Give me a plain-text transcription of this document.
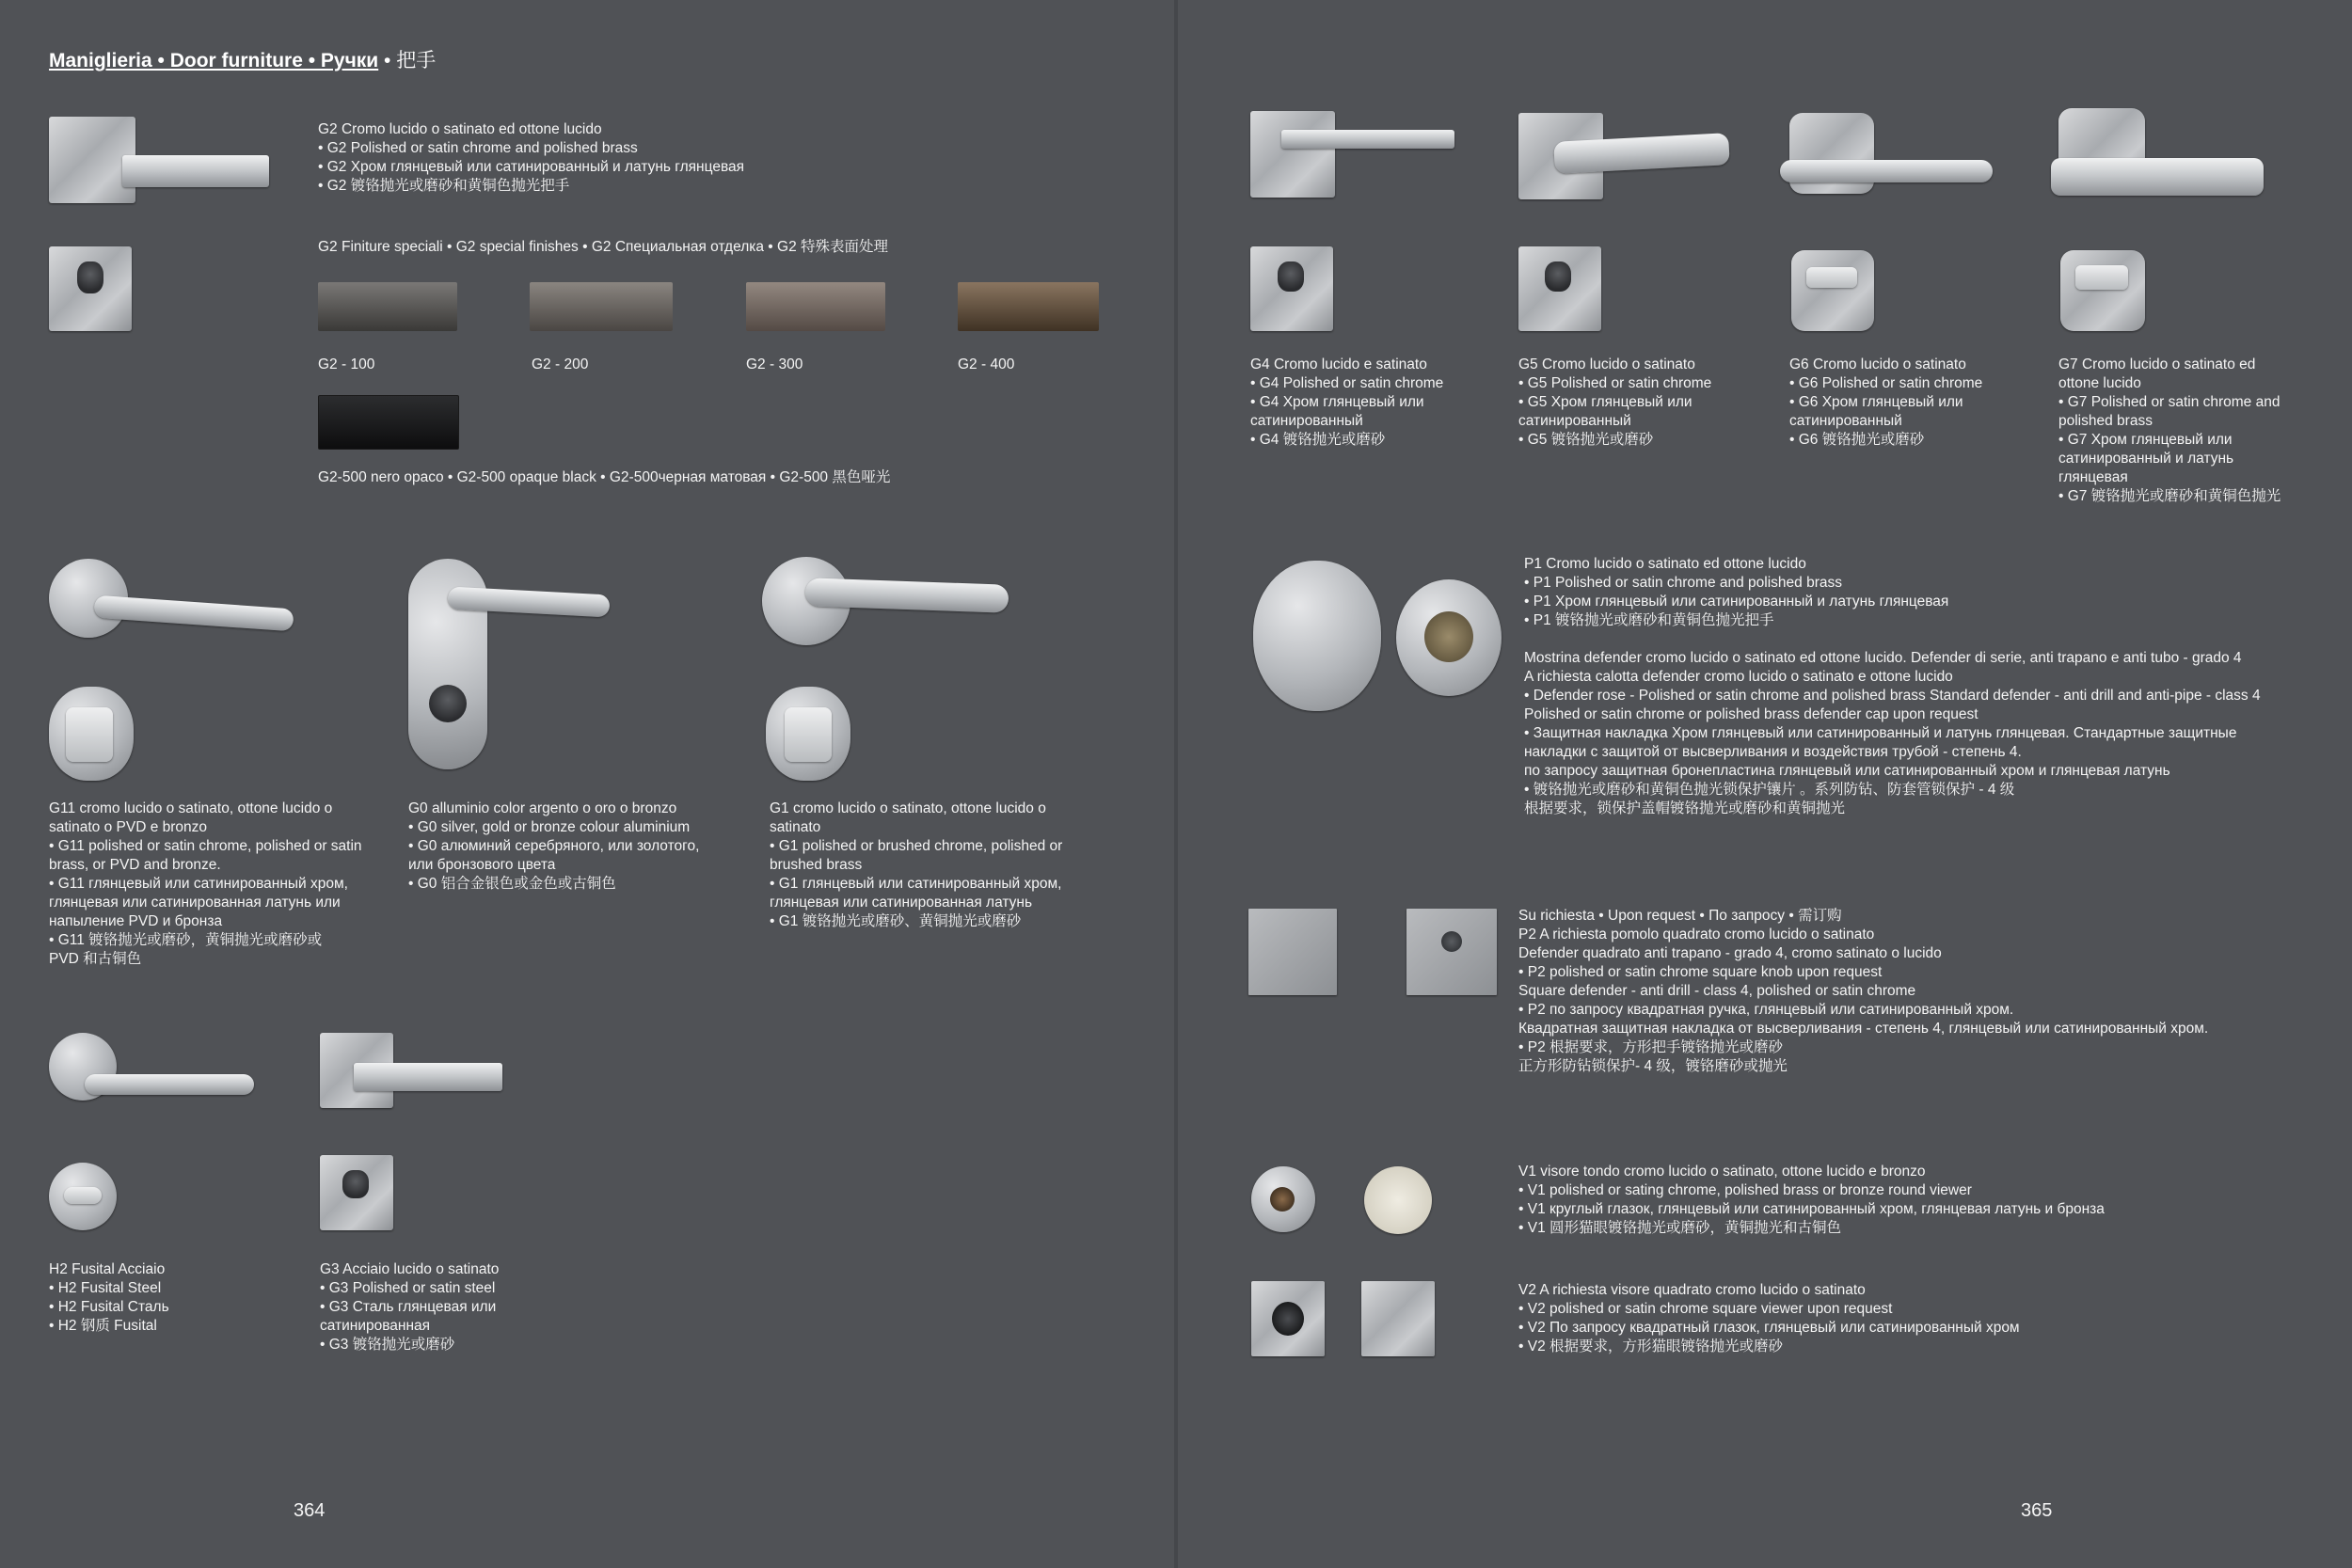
Maniglieria • Door furniture • Ручки • 把手
G2 Cromo lucido o satinato ed ottone lucido
• G2 Polished or satin chrome and polished brass
• G2 Хром глянцевый или сатинированный и латунь глянцевая
• G2 镀铬抛光或磨砂和黄铜色抛光把手
G2 Finiture speciali • G2 special finishes • G2 Специальная отделка • G2 特殊表面处理
G2 - 100	G2 - 200	G2 - 300	G2 - 400
G2-500 nero opaco • G2-500 opaque black • G2-500черная матовая • G2-500 黑色哑光
G11 cromo lucido o satinato, ottone lucido o
satinato o PVD e bronzo
• G11 polished or satin chrome, polished or satin
brass, or PVD and bronze.
• G11 глянцевый или сатинированный хром,
глянцевая или сатинированная латунь или
напыление PVD и бронза
• G11 镀铬抛光或磨砂，黄铜抛光或磨砂或
PVD 和古铜色
G0 alluminio color argento o oro o bronzo
• G0 silver, gold or bronze colour aluminium
• G0 алюминий серебряного, или золотого,
или бронзового цвета
• G0 铝合金银色或金色或古铜色
G1 cromo lucido o satinato, ottone lucido o
satinato
• G1 polished or brushed chrome, polished or
brushed brass
• G1 глянцевый или сатинированный хром,
глянцевая или сатинированная латунь
• G1 镀铬抛光或磨砂、黄铜抛光或磨砂
H2 Fusital Acciaio
• H2 Fusital Steel
• H2 Fusital Сталь
• H2 钢质 Fusital
G3 Acciaio lucido o satinato
• G3 Polished or satin steel
• G3 Сталь глянцевая или
сатинированная
• G3 镀铬抛光或磨砂
364
G4 Cromo lucido e satinato
• G4 Polished or satin chrome
• G4 Хром глянцевый или
сатинированный
• G4 镀铬抛光或磨砂
G5 Cromo lucido o satinato
• G5 Polished or satin chrome
• G5 Хром глянцевый или
сатинированный
• G5 镀铬抛光或磨砂
G6 Cromo lucido o satinato
• G6 Polished or satin chrome
• G6 Хром глянцевый или
сатинированный
• G6 镀铬抛光或磨砂
G7 Cromo lucido o satinato ed
ottone lucido
• G7 Polished or satin chrome and
polished brass
• G7 Хром глянцевый или
сатинированный и латунь
глянцевая
• G7 镀铬抛光或磨砂和黄铜色抛光
P1 Cromo lucido o satinato ed ottone lucido
• P1 Polished or satin chrome and polished brass
• P1 Хром глянцевый или сатинированный и латунь глянцевая
• P1 镀铬抛光或磨砂和黄铜色抛光把手
Mostrina defender cromo lucido o satinato ed ottone lucido. Defender di serie, anti trapano e anti tubo - grado 4
A richiesta calotta defender cromo lucido o satinato e ottone lucido
• Defender rose - Polished or satin chrome and polished brass Standard defender - anti drill and anti-pipe - class 4
Polished or satin chrome or polished brass defender cap upon request
• Защитная накладка Хром глянцевый или сатинированный и латунь глянцевая. Стандартные защитные
накладки с защитой от высверливания и воздействия трубой - степень 4.
по запросу защитная бронепластина глянцевый или сатинированный хром и глянцевая латунь
• 镀铬抛光或磨砂和黄铜色抛光锁保护镶片 。系列防钻、防套管锁保护 - 4 级
根据要求，锁保护盖帽镀铬抛光或磨砂和黄铜抛光
Su richiesta • Upon request • По запросу • 需订购
P2 A richiesta pomolo quadrato cromo lucido o satinato
Defender quadrato anti trapano - grado 4, cromo satinato o lucido
• P2 polished or satin chrome square knob upon request
Square defender - anti drill - class 4, polished or satin chrome
• P2 по запросу квадратная ручка, глянцевый или сатинированный хром.
Квадратная защитная накладка от высверливания - степень 4, глянцевый или сатинированный хром.
• P2 根据要求，方形把手镀铬抛光或磨砂
正方形防钻锁保护- 4 级，镀铬磨砂或抛光
V1 visore tondo cromo lucido o satinato, ottone lucido e bronzo
• V1 polished or sating chrome, polished brass or bronze round viewer
• V1 круглый глазок, глянцевый или сатинированный хром, глянцевая латунь и бронза
• V1 圆形猫眼镀铬抛光或磨砂，黄铜抛光和古铜色
V2 A richiesta visore quadrato cromo lucido o satinato
• V2 polished or satin chrome square viewer upon request
• V2 По запросу квадратный глазок, глянцевый или сатинированный хром
• V2 根据要求，方形猫眼镀铬抛光或磨砂
365
